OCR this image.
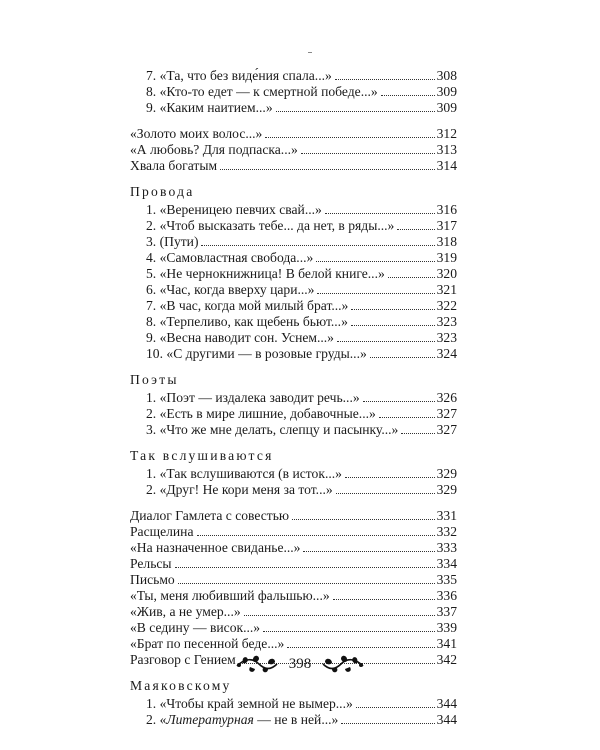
7. «Та, что без виде́ния спала...»	308
8. «Кто-то едет — к смертной победе...»	309
9. «Каким наитием...»	309
«Золото моих волос...»	312
«А любовь? Для подпаска...»	313
Хвала богатым	314
Провода
1. «Вереницею певчих свай...»	316
2. «Чтоб высказать тебе... да нет, в ряды...»	317
3. (Пути)	318
4. «Самовластная свобода...»	319
5. «Не чернокнижница! В белой книге...»	320
6. «Час, когда вверху цари...»	321
7. «В час, когда мой милый брат...»	322
8. «Терпеливо, как щебень бьют...»	323
9. «Весна наводит сон. Уснем...»	323
10. «С другими — в розовые груды...»	324
Поэты
1. «Поэт — издалека заводит речь...»	326
2. «Есть в мире лишние, добавочные...»	327
3. «Что же мне делать, слепцу и пасынку...»	327
Так вслушиваются
1. «Так вслушиваются (в исток...»	329
2. «Друг! Не кори меня за тот...»	329
Диалог Гамлета с совестью	331
Расщелина	332
«На назначенное свиданье...»	333
Рельсы	334
Письмо	335
«Ты, меня любивший фальшью...»	336
«Жив, а не умер...»	337
«В седину — висок...»	339
«Брат по песенной беде...»	341
Разговор с Гением	342
Маяковскому
1. «Чтобы край земной не вымер...»	344
2. «Литературная — не в ней...»	344
398
